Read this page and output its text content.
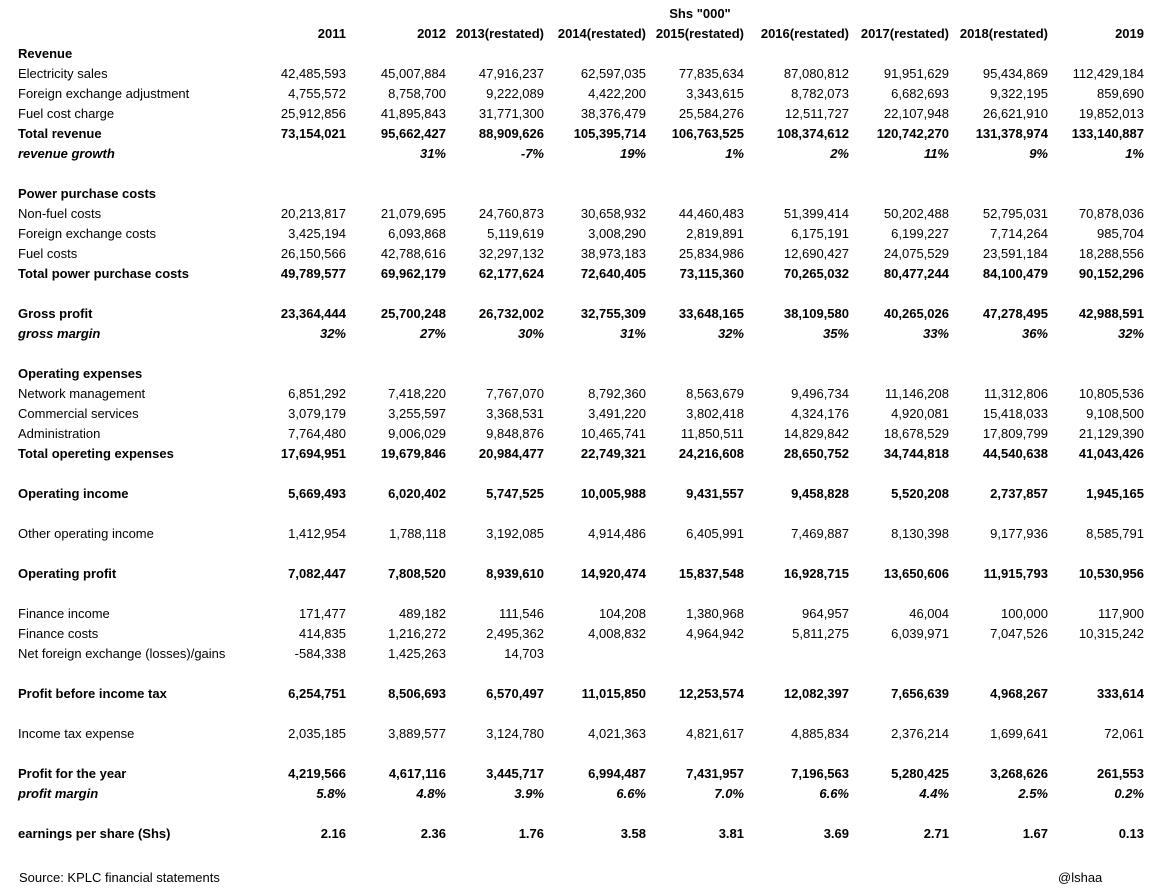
Shs "000"
	2011	2012	2013(restated)	2014(restated)	2015(restated)	2016(restated)	2017(restated)	2018(restated)	2019
Revenue									
Electricity sales	42,485,593	45,007,884	47,916,237	62,597,035	77,835,634	87,080,812	91,951,629	95,434,869	112,429,184
Foreign exchange adjustment	4,755,572	8,758,700	9,222,089	4,422,200	3,343,615	8,782,073	6,682,693	9,322,195	859,690
Fuel cost charge	25,912,856	41,895,843	31,771,300	38,376,479	25,584,276	12,511,727	22,107,948	26,621,910	19,852,013
Total revenue	73,154,021	95,662,427	88,909,626	105,395,714	106,763,525	108,374,612	120,742,270	131,378,974	133,140,887
revenue growth		31%	-7%	19%	1%	2%	11%	9%	1%

Power purchase costs									
Non-fuel costs	20,213,817	21,079,695	24,760,873	30,658,932	44,460,483	51,399,414	50,202,488	52,795,031	70,878,036
Foreign exchange costs	3,425,194	6,093,868	5,119,619	3,008,290	2,819,891	6,175,191	6,199,227	7,714,264	985,704
Fuel costs	26,150,566	42,788,616	32,297,132	38,973,183	25,834,986	12,690,427	24,075,529	23,591,184	18,288,556
Total power purchase costs	49,789,577	69,962,179	62,177,624	72,640,405	73,115,360	70,265,032	80,477,244	84,100,479	90,152,296

Gross profit	23,364,444	25,700,248	26,732,002	32,755,309	33,648,165	38,109,580	40,265,026	47,278,495	42,988,591
gross margin	32%	27%	30%	31%	32%	35%	33%	36%	32%

Operating expenses									
Network management	6,851,292	7,418,220	7,767,070	8,792,360	8,563,679	9,496,734	11,146,208	11,312,806	10,805,536
Commercial services	3,079,179	3,255,597	3,368,531	3,491,220	3,802,418	4,324,176	4,920,081	15,418,033	9,108,500
Administration	7,764,480	9,006,029	9,848,876	10,465,741	11,850,511	14,829,842	18,678,529	17,809,799	21,129,390
Total opereting expenses	17,694,951	19,679,846	20,984,477	22,749,321	24,216,608	28,650,752	34,744,818	44,540,638	41,043,426

Operating income	5,669,493	6,020,402	5,747,525	10,005,988	9,431,557	9,458,828	5,520,208	2,737,857	1,945,165

Other operating income	1,412,954	1,788,118	3,192,085	4,914,486	6,405,991	7,469,887	8,130,398	9,177,936	8,585,791

Operating profit	7,082,447	7,808,520	8,939,610	14,920,474	15,837,548	16,928,715	13,650,606	11,915,793	10,530,956

Finance income	171,477	489,182	111,546	104,208	1,380,968	964,957	46,004	100,000	117,900
Finance costs	414,835	1,216,272	2,495,362	4,008,832	4,964,942	5,811,275	6,039,971	7,047,526	10,315,242
Net foreign exchange (losses)/gains	-584,338	1,425,263	14,703						

Profit before income tax	6,254,751	8,506,693	6,570,497	11,015,850	12,253,574	12,082,397	7,656,639	4,968,267	333,614

Income tax expense	2,035,185	3,889,577	3,124,780	4,021,363	4,821,617	4,885,834	2,376,214	1,699,641	72,061

Profit for the year	4,219,566	4,617,116	3,445,717	6,994,487	7,431,957	7,196,563	5,280,425	3,268,626	261,553
profit margin	5.8%	4.8%	3.9%	6.6%	7.0%	6.6%	4.4%	2.5%	0.2%

earnings per share (Shs)	2.16	2.36	1.76	3.58	3.81	3.69	2.71	1.67	0.13
Source: KPLC financial statements	@lshaa
